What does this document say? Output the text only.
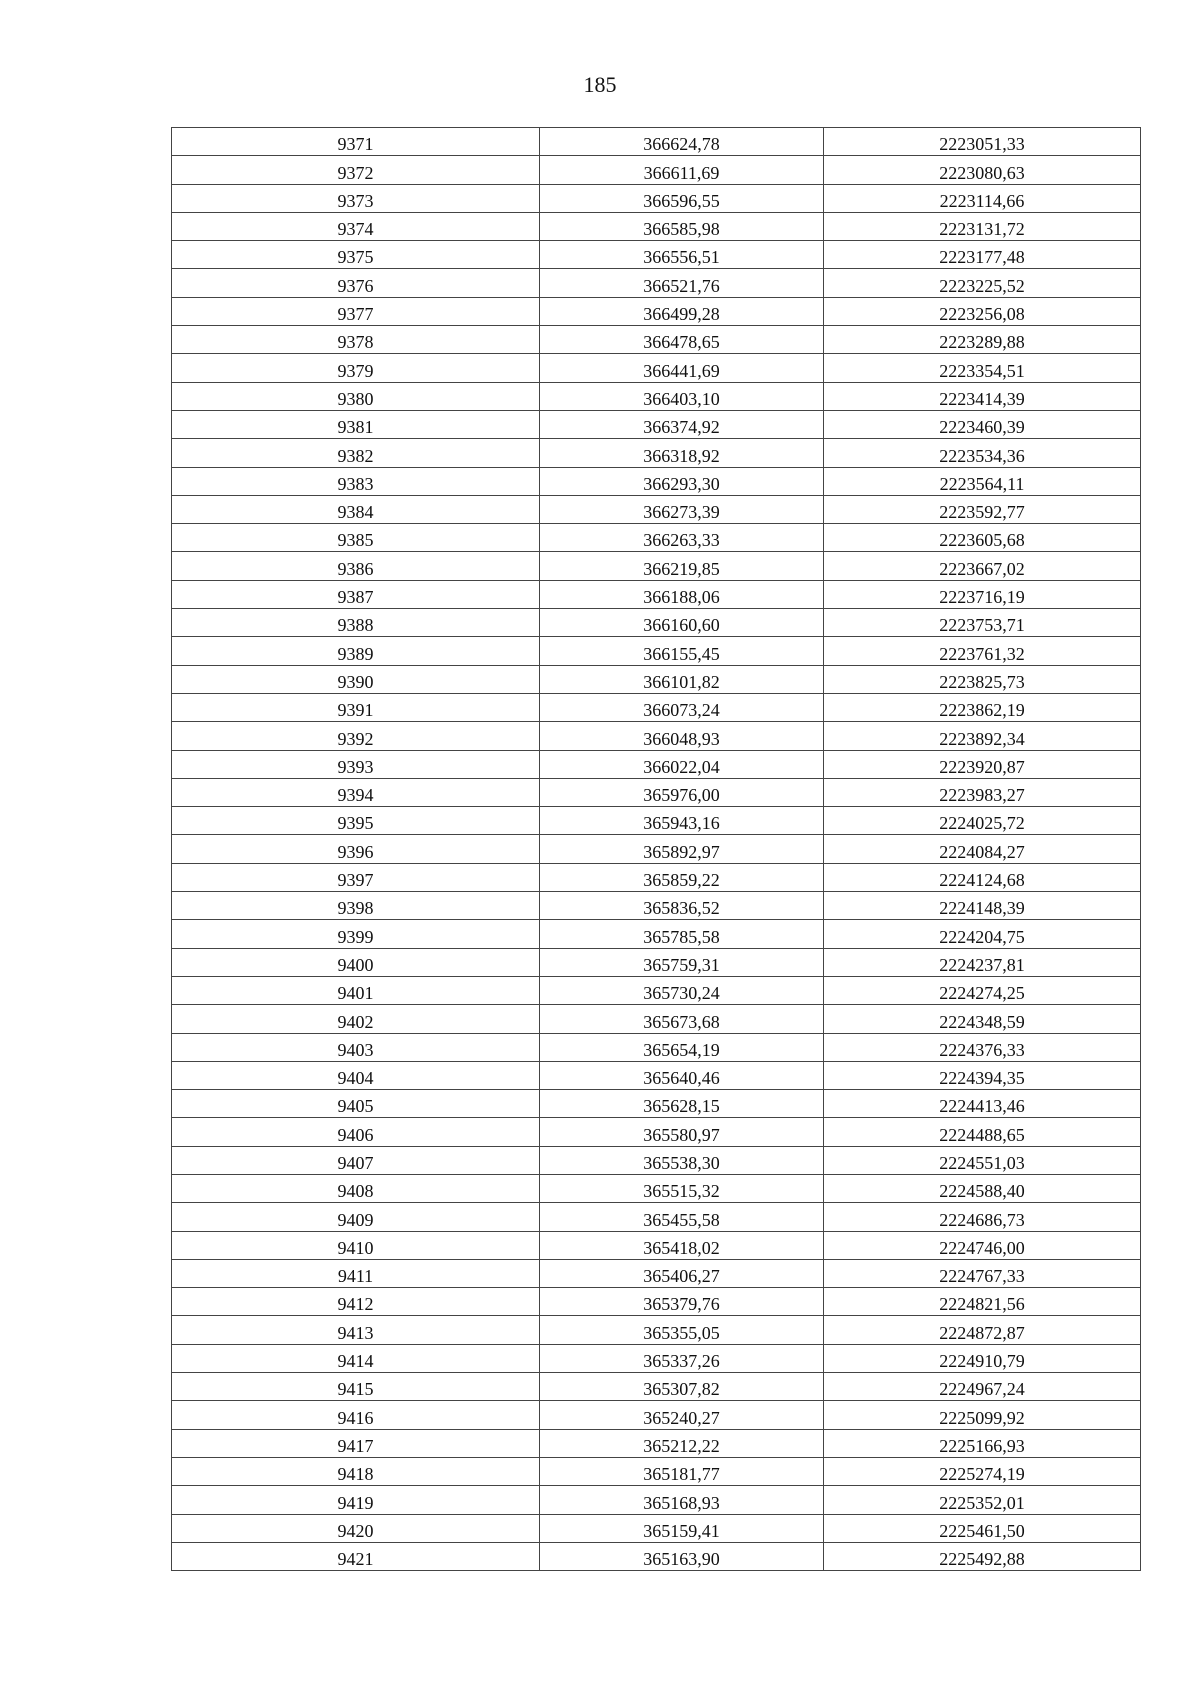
185
9371	366624,78	2223051,33
9372	366611,69	2223080,63
9373	366596,55	2223114,66
9374	366585,98	2223131,72
9375	366556,51	2223177,48
9376	366521,76	2223225,52
9377	366499,28	2223256,08
9378	366478,65	2223289,88
9379	366441,69	2223354,51
9380	366403,10	2223414,39
9381	366374,92	2223460,39
9382	366318,92	2223534,36
9383	366293,30	2223564,11
9384	366273,39	2223592,77
9385	366263,33	2223605,68
9386	366219,85	2223667,02
9387	366188,06	2223716,19
9388	366160,60	2223753,71
9389	366155,45	2223761,32
9390	366101,82	2223825,73
9391	366073,24	2223862,19
9392	366048,93	2223892,34
9393	366022,04	2223920,87
9394	365976,00	2223983,27
9395	365943,16	2224025,72
9396	365892,97	2224084,27
9397	365859,22	2224124,68
9398	365836,52	2224148,39
9399	365785,58	2224204,75
9400	365759,31	2224237,81
9401	365730,24	2224274,25
9402	365673,68	2224348,59
9403	365654,19	2224376,33
9404	365640,46	2224394,35
9405	365628,15	2224413,46
9406	365580,97	2224488,65
9407	365538,30	2224551,03
9408	365515,32	2224588,40
9409	365455,58	2224686,73
9410	365418,02	2224746,00
9411	365406,27	2224767,33
9412	365379,76	2224821,56
9413	365355,05	2224872,87
9414	365337,26	2224910,79
9415	365307,82	2224967,24
9416	365240,27	2225099,92
9417	365212,22	2225166,93
9418	365181,77	2225274,19
9419	365168,93	2225352,01
9420	365159,41	2225461,50
9421	365163,90	2225492,88
